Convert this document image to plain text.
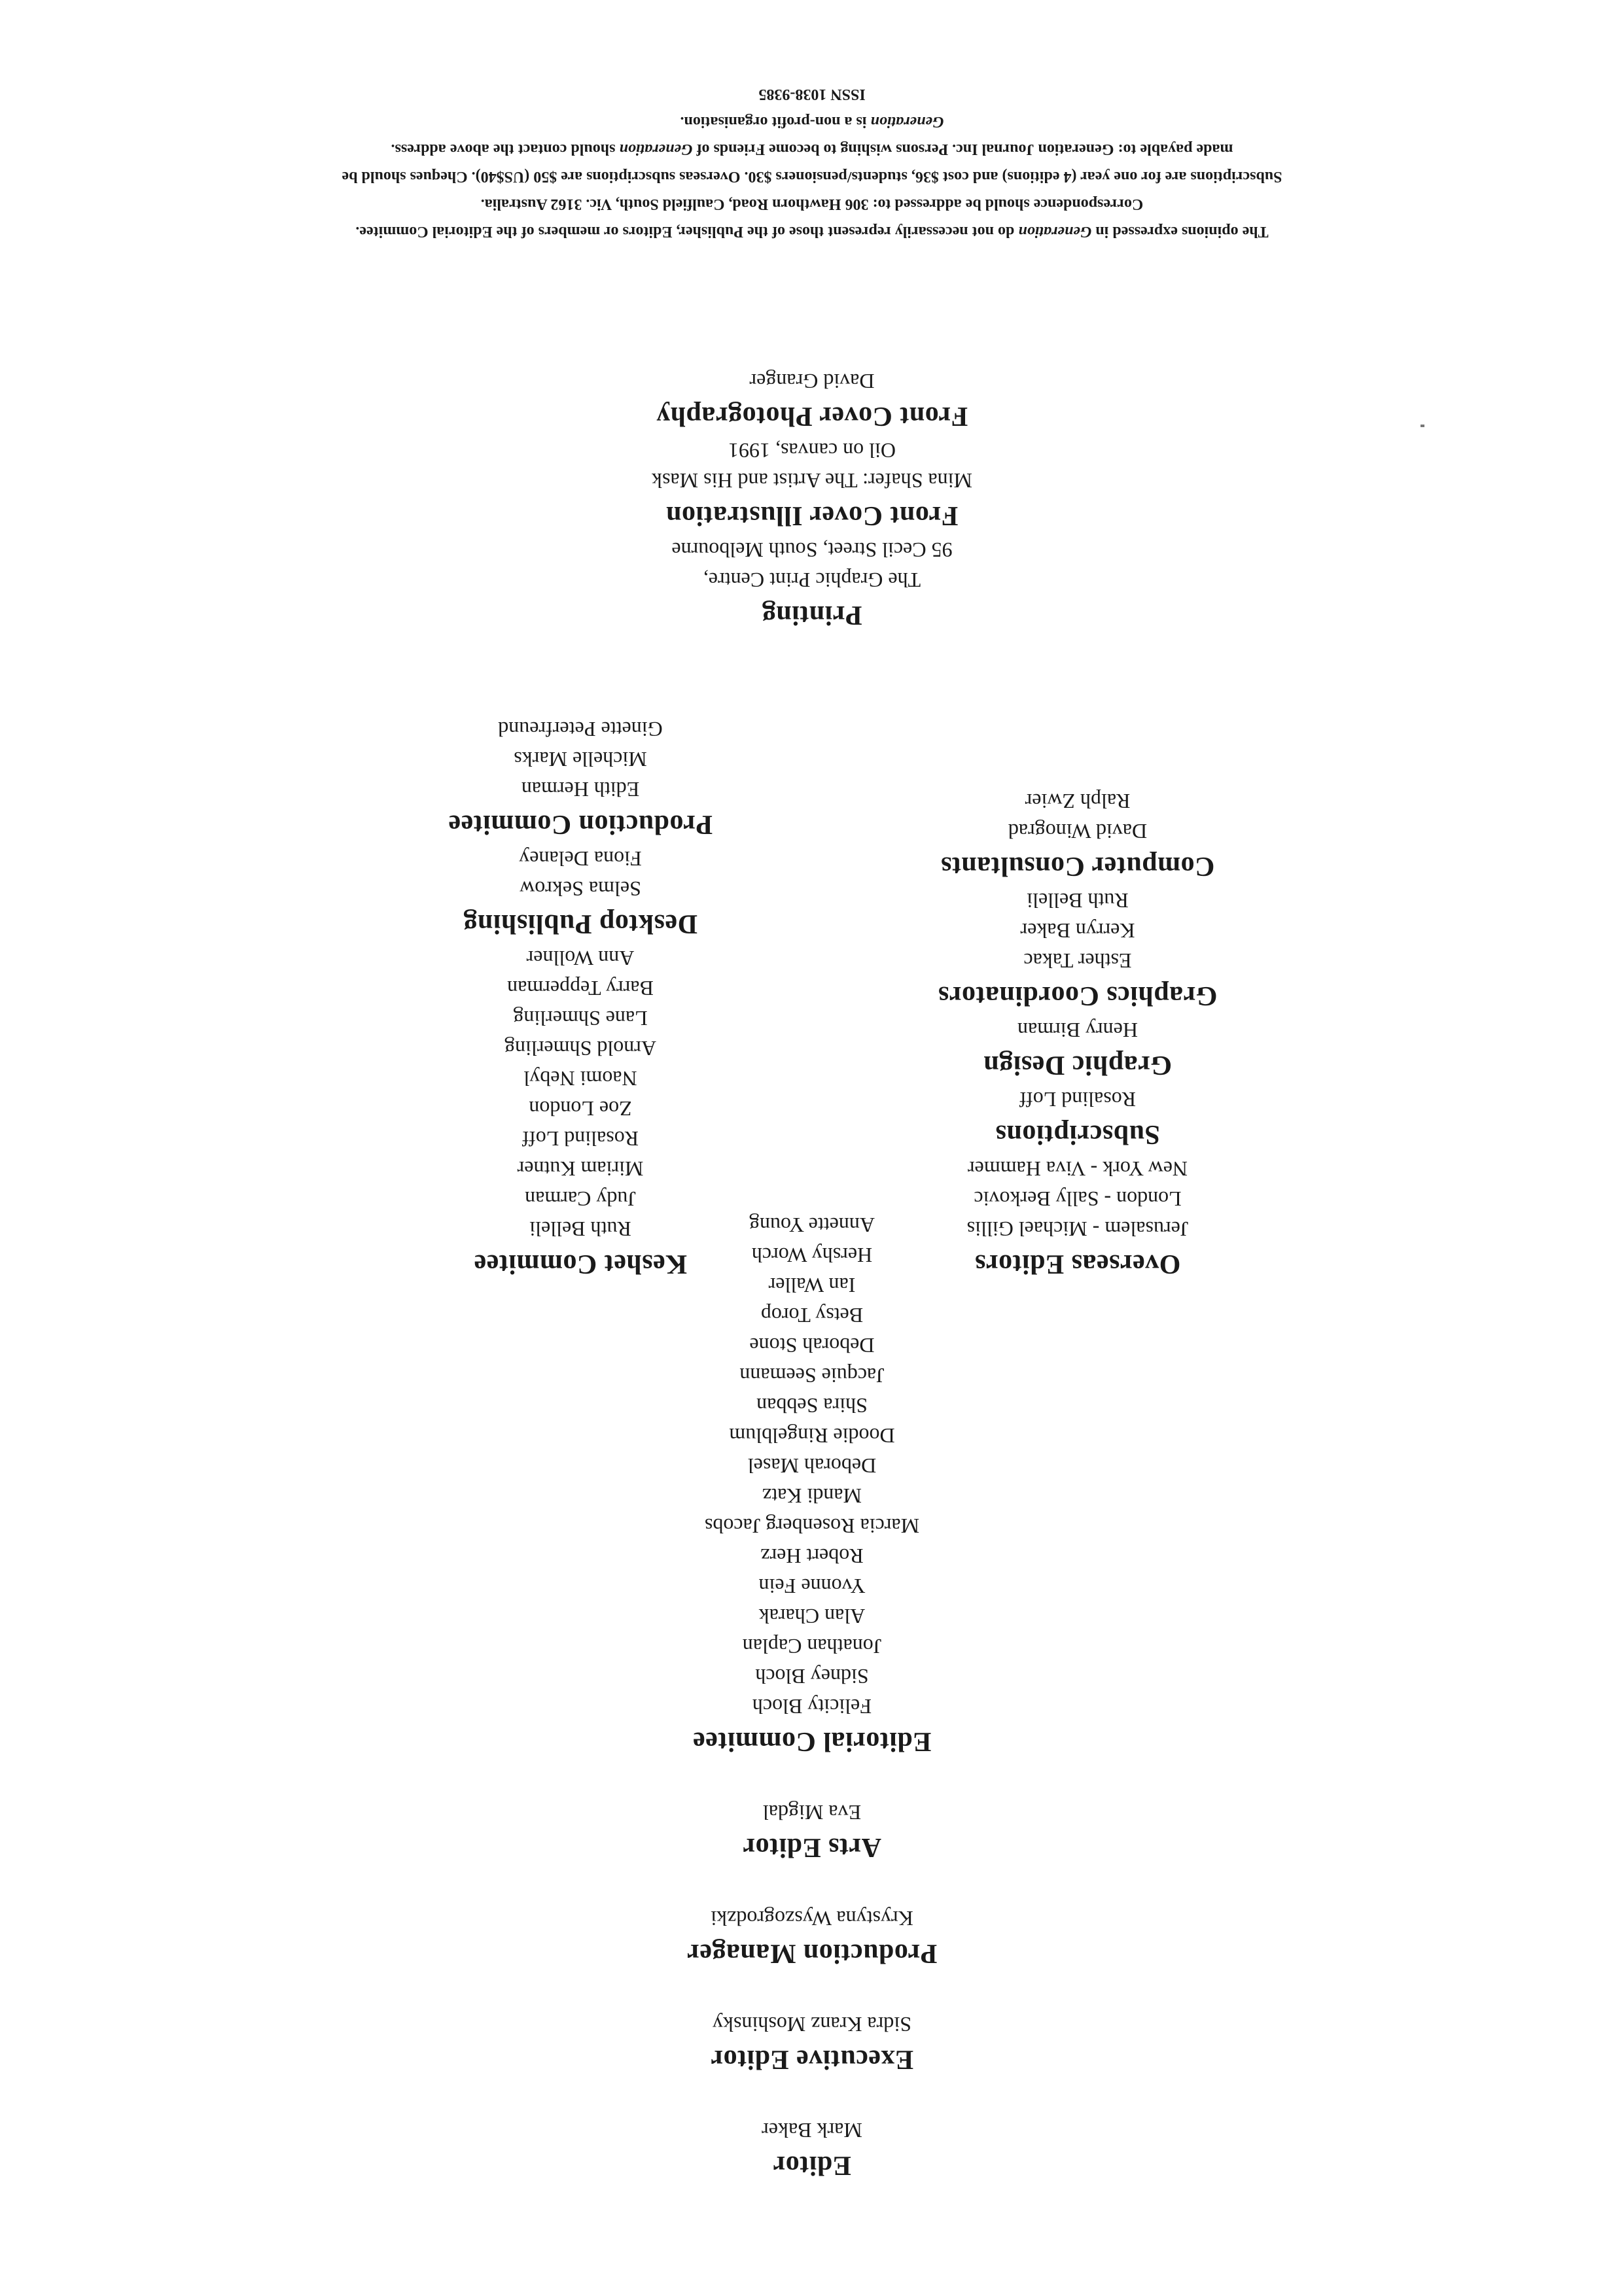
Editor
Mark Baker
Executive Editor
Sidra Kranz Moshinsky
Production Manager
Krystyna Wyszogrodzki
Arts Editor
Eva Migdal
Editorial Commitee
Felicity Bloch
Sidney Bloch
Jonathan Caplan
Alan Charak
Yvonne Fein
Robert Herz
Marcia Rosenberg Jacobs
Mandi Katz
Deborah Masel
Doodie Ringelblum
Shira Sebban
Jacquie Seemann
Deborah Stone
Betsy Torop
Ian Waller
Hershy Worch
Annette Young
Keshet Commitee
Ruth Belleli
Judy Carman
Miriam Kutner
Rosalind Loff
Zoe London
Naomi Nebyl
Arnold Shmerling
Lane Shmerling
Barry Tepperman
Ann Wollner
Desktop Publishing
Selma Sekrow
Fiona Delaney
Production Commitee
Edith Herman
Michelle Marks
Ginette Peterfreund
Overseas Editors
Jerusalem - Michael Gillis
London - Sally Berkovic
New York - Viva Hammer
Subscriptions
Rosalind Loff
Graphic Design
Henry Birman
Graphics Coordinators
Esther Takac
Kerryn Baker
Ruth Belleli
Computer Consultants
David Winograd
Ralph Zwier
Printing
The Graphic Print Centre,
95 Cecil Street, South Melbourne
Front Cover Illustration
Mina Shafer: The Artist and His Mask
Oil on canvas, 1991
Front Cover Photography
David Granger
The opinions expressed in Generation do not necessarily represent those of the Publisher, Editors or members of the Editorial Commitee.
Correspondence should be addressed to: 306 Hawthorn Road, Caulfield South, Vic. 3162 Australia.
Subscriptions are for one year (4 editions) and cost $36, students/pensioners $30. Overseas subscriptions are $50 (US$40). Cheques should be
made payable to: Generation Journal Inc. Persons wishing to become Friends of Generation should contact the above address.
Generation is a non-profit organisation.
ISSN 1038-9385
